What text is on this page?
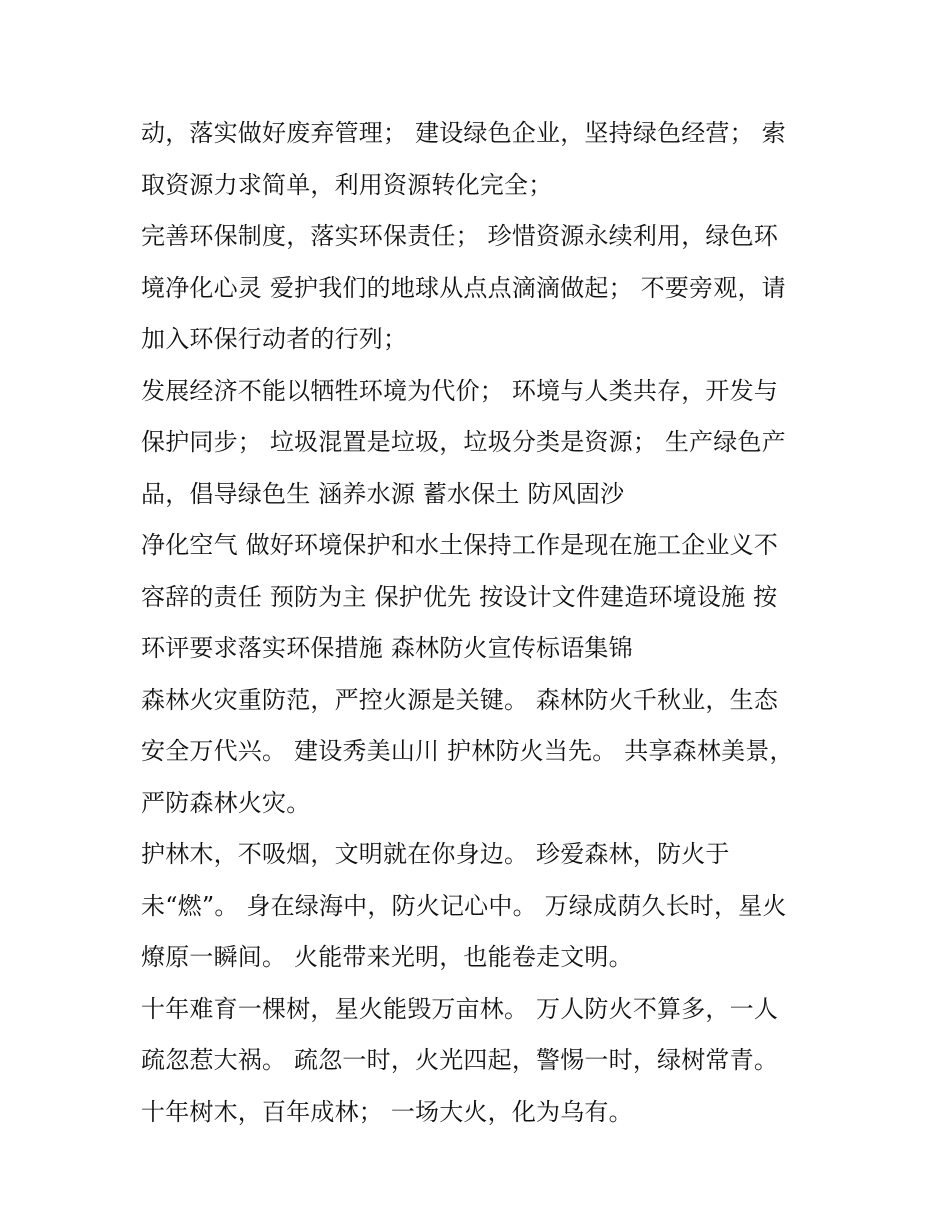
动，落实做好废弃管理； 建设绿色企业，坚持绿色经营； 索
取资源力求简单，利用资源转化完全；
完善环保制度，落实环保责任； 珍惜资源永续利用，绿色环
境净化心灵 爱护我们的地球从点点滴滴做起； 不要旁观，请
加入环保行动者的行列；
发展经济不能以牺牲环境为代价； 环境与人类共存，开发与
保护同步； 垃圾混置是垃圾，垃圾分类是资源； 生产绿色产
品，倡导绿色生 涵养水源 蓄水保土 防风固沙
净化空气 做好环境保护和水土保持工作是现在施工企业义不
容辞的责任 预防为主 保护优先 按设计文件建造环境设施 按
环评要求落实环保措施 森林防火宣传标语集锦
森林火灾重防范，严控火源是关键。 森林防火千秋业，生态
安全万代兴。 建设秀美山川 护林防火当先。 共享森林美景，
严防森林火灾。
护林木，不吸烟，文明就在你身边。 珍爱森林，防火于
未“燃”。 身在绿海中，防火记心中。 万绿成荫久长时，星火
燎原一瞬间。 火能带来光明，也能卷走文明。
十年难育一棵树，星火能毁万亩林。 万人防火不算多，一人
疏忽惹大祸。 疏忽一时，火光四起，警惕一时，绿树常青。
十年树木，百年成林； 一场大火，化为乌有。
